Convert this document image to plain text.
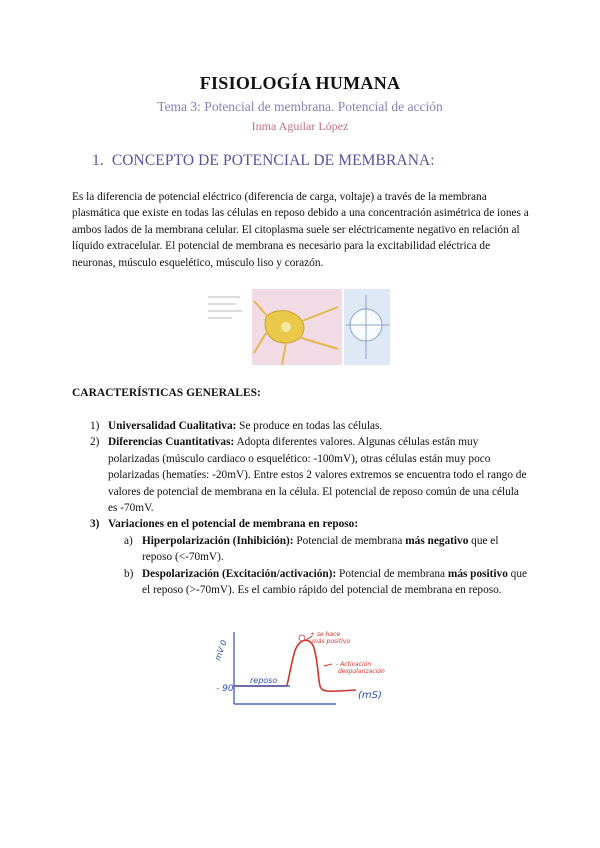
FISIOLOGÍA HUMANA
Tema 3: Potencial de membrana. Potencial de acción
Inma Aguilar López
1. CONCEPTO DE POTENCIAL DE MEMBRANA:
Es la diferencia de potencial eléctrico (diferencia de carga, voltaje) a través de la membrana plasmática que existe en todas las células en reposo debido a una concentración asimétrica de iones a ambos lados de la membrana celular. El citoplasma suele ser eléctricamente negativo en relación al líquido extracelular. El potencial de membrana es necesario para la excitabilidad eléctrica de neuronas, músculo esquelético, músculo liso y corazón.
CARACTERÍSTICAS GENERALES:
1) Universalidad Cualitativa: Se produce en todas las células.
2) Diferencias Cuantitativas: Adopta diferentes valores. Algunas células están muy polarizadas (músculo cardiaco o esquelético: -100mV), otras células están muy poco polarizadas (hematíes: -20mV). Entre estos 2 valores extremos se encuentra todo el rango de valores de potencial de membrana en la célula. El potencial de reposo común de una célula es -70mV.
3) Variaciones en el potencial de membrana en reposo:
a) Hiperpolarización (Inhibición): Potencial de membrana más negativo que el reposo (<-70mV).
b) Despolarización (Excitación/activación): Potencial de membrana más positivo que el reposo (>-70mV). Es el cambio rápido del potencial de membrana en reposo.
mV 0
- 90
reposo
(mS)
+ se hace
más positivo
- Activación
despolarización
